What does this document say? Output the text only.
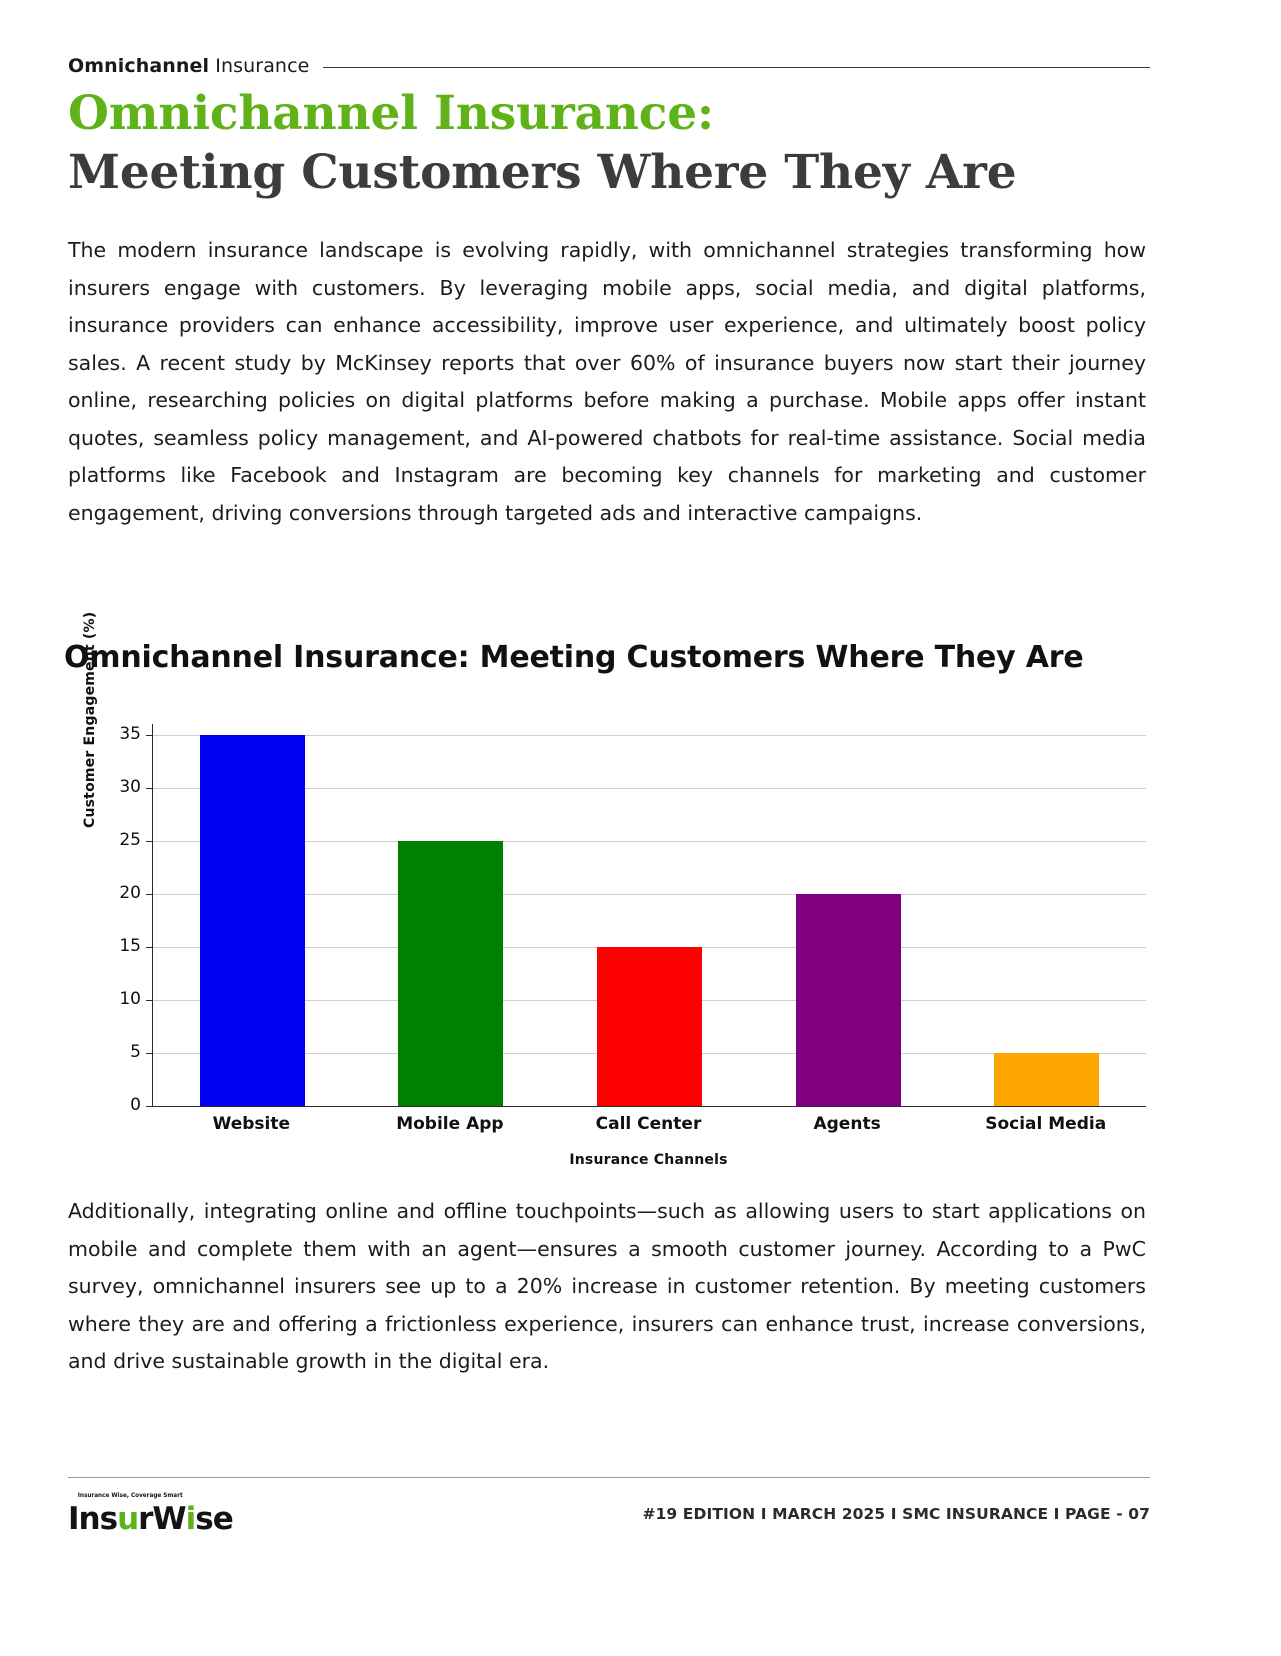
Omnichannel Insurance
Omnichannel Insurance:
Meeting Customers Where They Are
The modern insurance landscape is evolving rapidly, with omnichannel strategies transforming how insurers engage with customers. By leveraging mobile apps, social media, and digital platforms, insurance providers can enhance accessibility, improve user experience, and ultimately boost policy sales. A recent study by McKinsey reports that over 60% of insurance buyers now start their journey online, researching policies on digital platforms before making a purchase. Mobile apps offer instant quotes, seamless policy management, and AI-powered chatbots for real-time assistance. Social media platforms like Facebook and Instagram are becoming key channels for marketing and customer engagement, driving conversions through targeted ads and interactive campaigns.
Omnichannel Insurance: Meeting Customers Where They Are
Customer Engagement (%)
0
5
10
15
20
25
30
35
Website	Mobile App	Call Center	Agents	Social Media
Insurance Channels
Additionally, integrating online and offline touchpoints—such as allowing users to start applications on mobile and complete them with an agent—ensures a smooth customer journey. According to a PwC survey, omnichannel insurers see up to a 20% increase in customer retention. By meeting customers where they are and offering a frictionless experience, insurers can enhance trust, increase conversions, and drive sustainable growth in the digital era.
Insurance Wise, Coverage Smart
InsurWise	#19 EDITION I MARCH 2025 I SMC INSURANCE I PAGE - 07
